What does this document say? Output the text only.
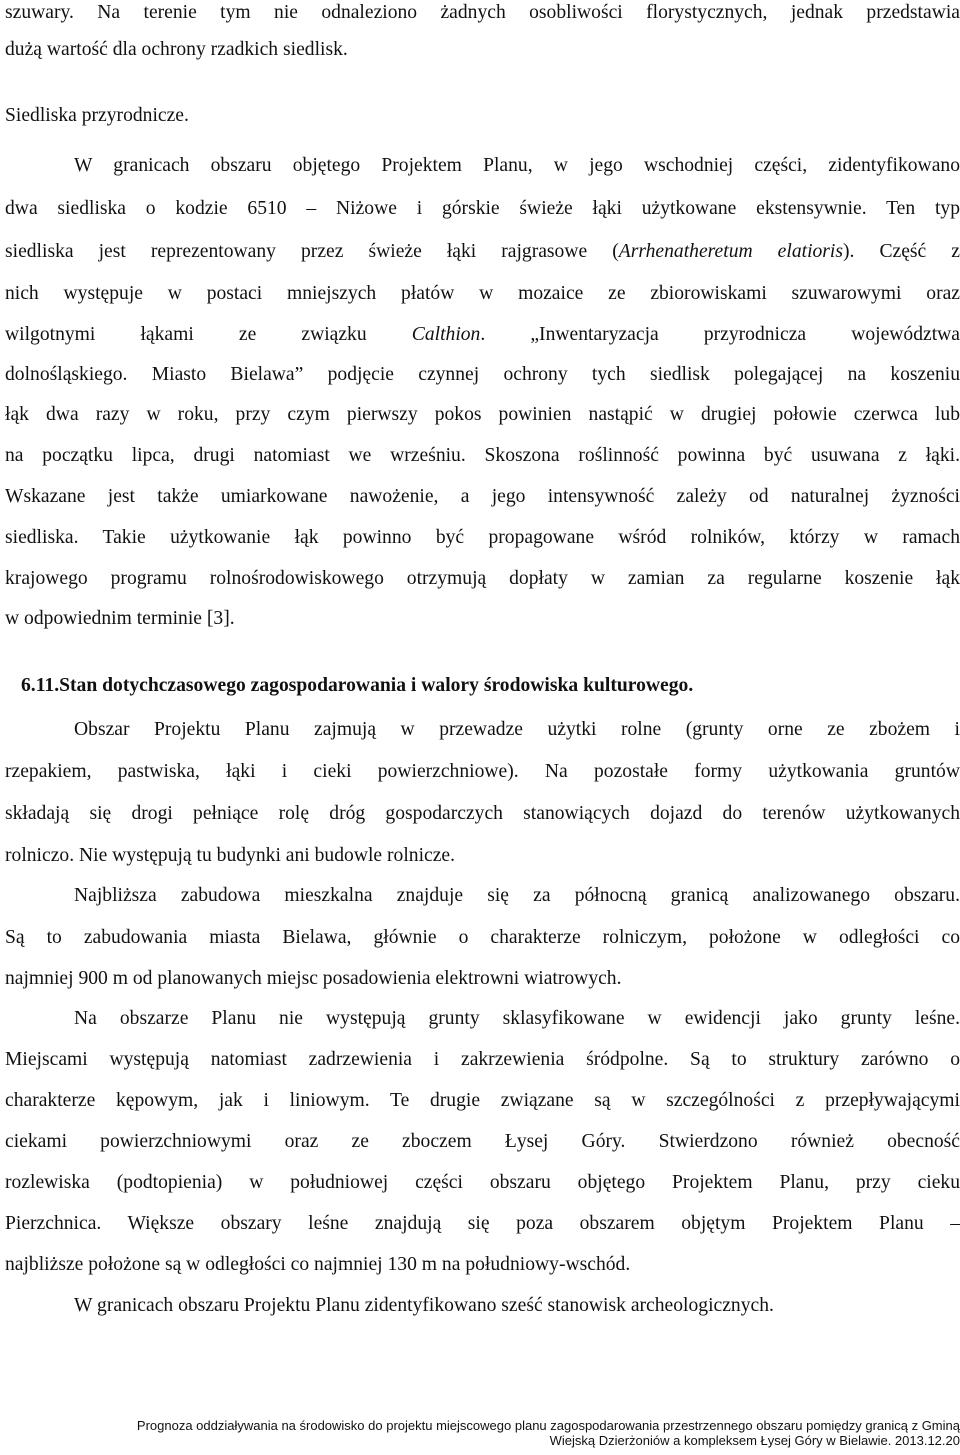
szuwary. Na terenie tym nie odnaleziono żadnych osobliwości florystycznych, jednak przedstawia
dużą wartość dla ochrony rzadkich siedlisk.
Siedliska przyrodnicze.
W granicach obszaru objętego Projektem Planu, w jego wschodniej części, zidentyfikowano
dwa siedliska o kodzie 6510 – Niżowe i górskie świeże łąki użytkowane ekstensywnie. Ten typ
siedliska jest reprezentowany przez świeże łąki rajgrasowe (Arrhenatheretum elatioris). Część z
nich występuje w postaci mniejszych płatów w mozaice ze zbiorowiskami szuwarowymi oraz
wilgotnymi łąkami ze związku Calthion. „Inwentaryzacja przyrodnicza województwa
dolnośląskiego. Miasto Bielawa” podjęcie czynnej ochrony tych siedlisk polegającej na koszeniu
łąk dwa razy w roku, przy czym pierwszy pokos powinien nastąpić w drugiej połowie czerwca lub
na początku lipca, drugi natomiast we wrześniu. Skoszona roślinność powinna być usuwana z łąki.
Wskazane jest także umiarkowane nawożenie, a jego intensywność zależy od naturalnej żyzności
siedliska. Takie użytkowanie łąk powinno być propagowane wśród rolników, którzy w ramach
krajowego programu rolnośrodowiskowego otrzymują dopłaty w zamian za regularne koszenie łąk
w odpowiednim terminie [3].
6.11.Stan dotychczasowego zagospodarowania i walory środowiska kulturowego.
Obszar Projektu Planu zajmują w przewadze użytki rolne (grunty orne ze zbożem i
rzepakiem, pastwiska, łąki i cieki powierzchniowe). Na pozostałe formy użytkowania gruntów
składają się drogi pełniące rolę dróg gospodarczych stanowiących dojazd do terenów użytkowanych
rolniczo. Nie występują tu budynki ani budowle rolnicze.
Najbliższa zabudowa mieszkalna znajduje się za północną granicą analizowanego obszaru.
Są to zabudowania miasta Bielawa, głównie o charakterze rolniczym, położone w odległości co
najmniej 900 m od planowanych miejsc posadowienia elektrowni wiatrowych.
Na obszarze Planu nie występują grunty sklasyfikowane w ewidencji jako grunty leśne.
Miejscami występują natomiast zadrzewienia i zakrzewienia śródpolne. Są to struktury zarówno o
charakterze kępowym, jak i liniowym. Te drugie związane są w szczególności z przepływającymi
ciekami powierzchniowymi oraz ze zboczem Łysej Góry. Stwierdzono również obecność
rozlewiska (podtopienia) w południowej części obszaru objętego Projektem Planu, przy cieku
Pierzchnica. Większe obszary leśne znajdują się poza obszarem objętym Projektem Planu –
najbliższe położone są w odległości co najmniej 130 m na południowy-wschód.
W granicach obszaru Projektu Planu zidentyfikowano sześć stanowisk archeologicznych.
Prognoza oddziaływania na środowisko do projektu miejscowego planu zagospodarowania przestrzennego obszaru pomiędzy granicą z Gminą
Wiejską Dzierżoniów a kompleksem Łysej Góry w Bielawie. 2013.12.20
